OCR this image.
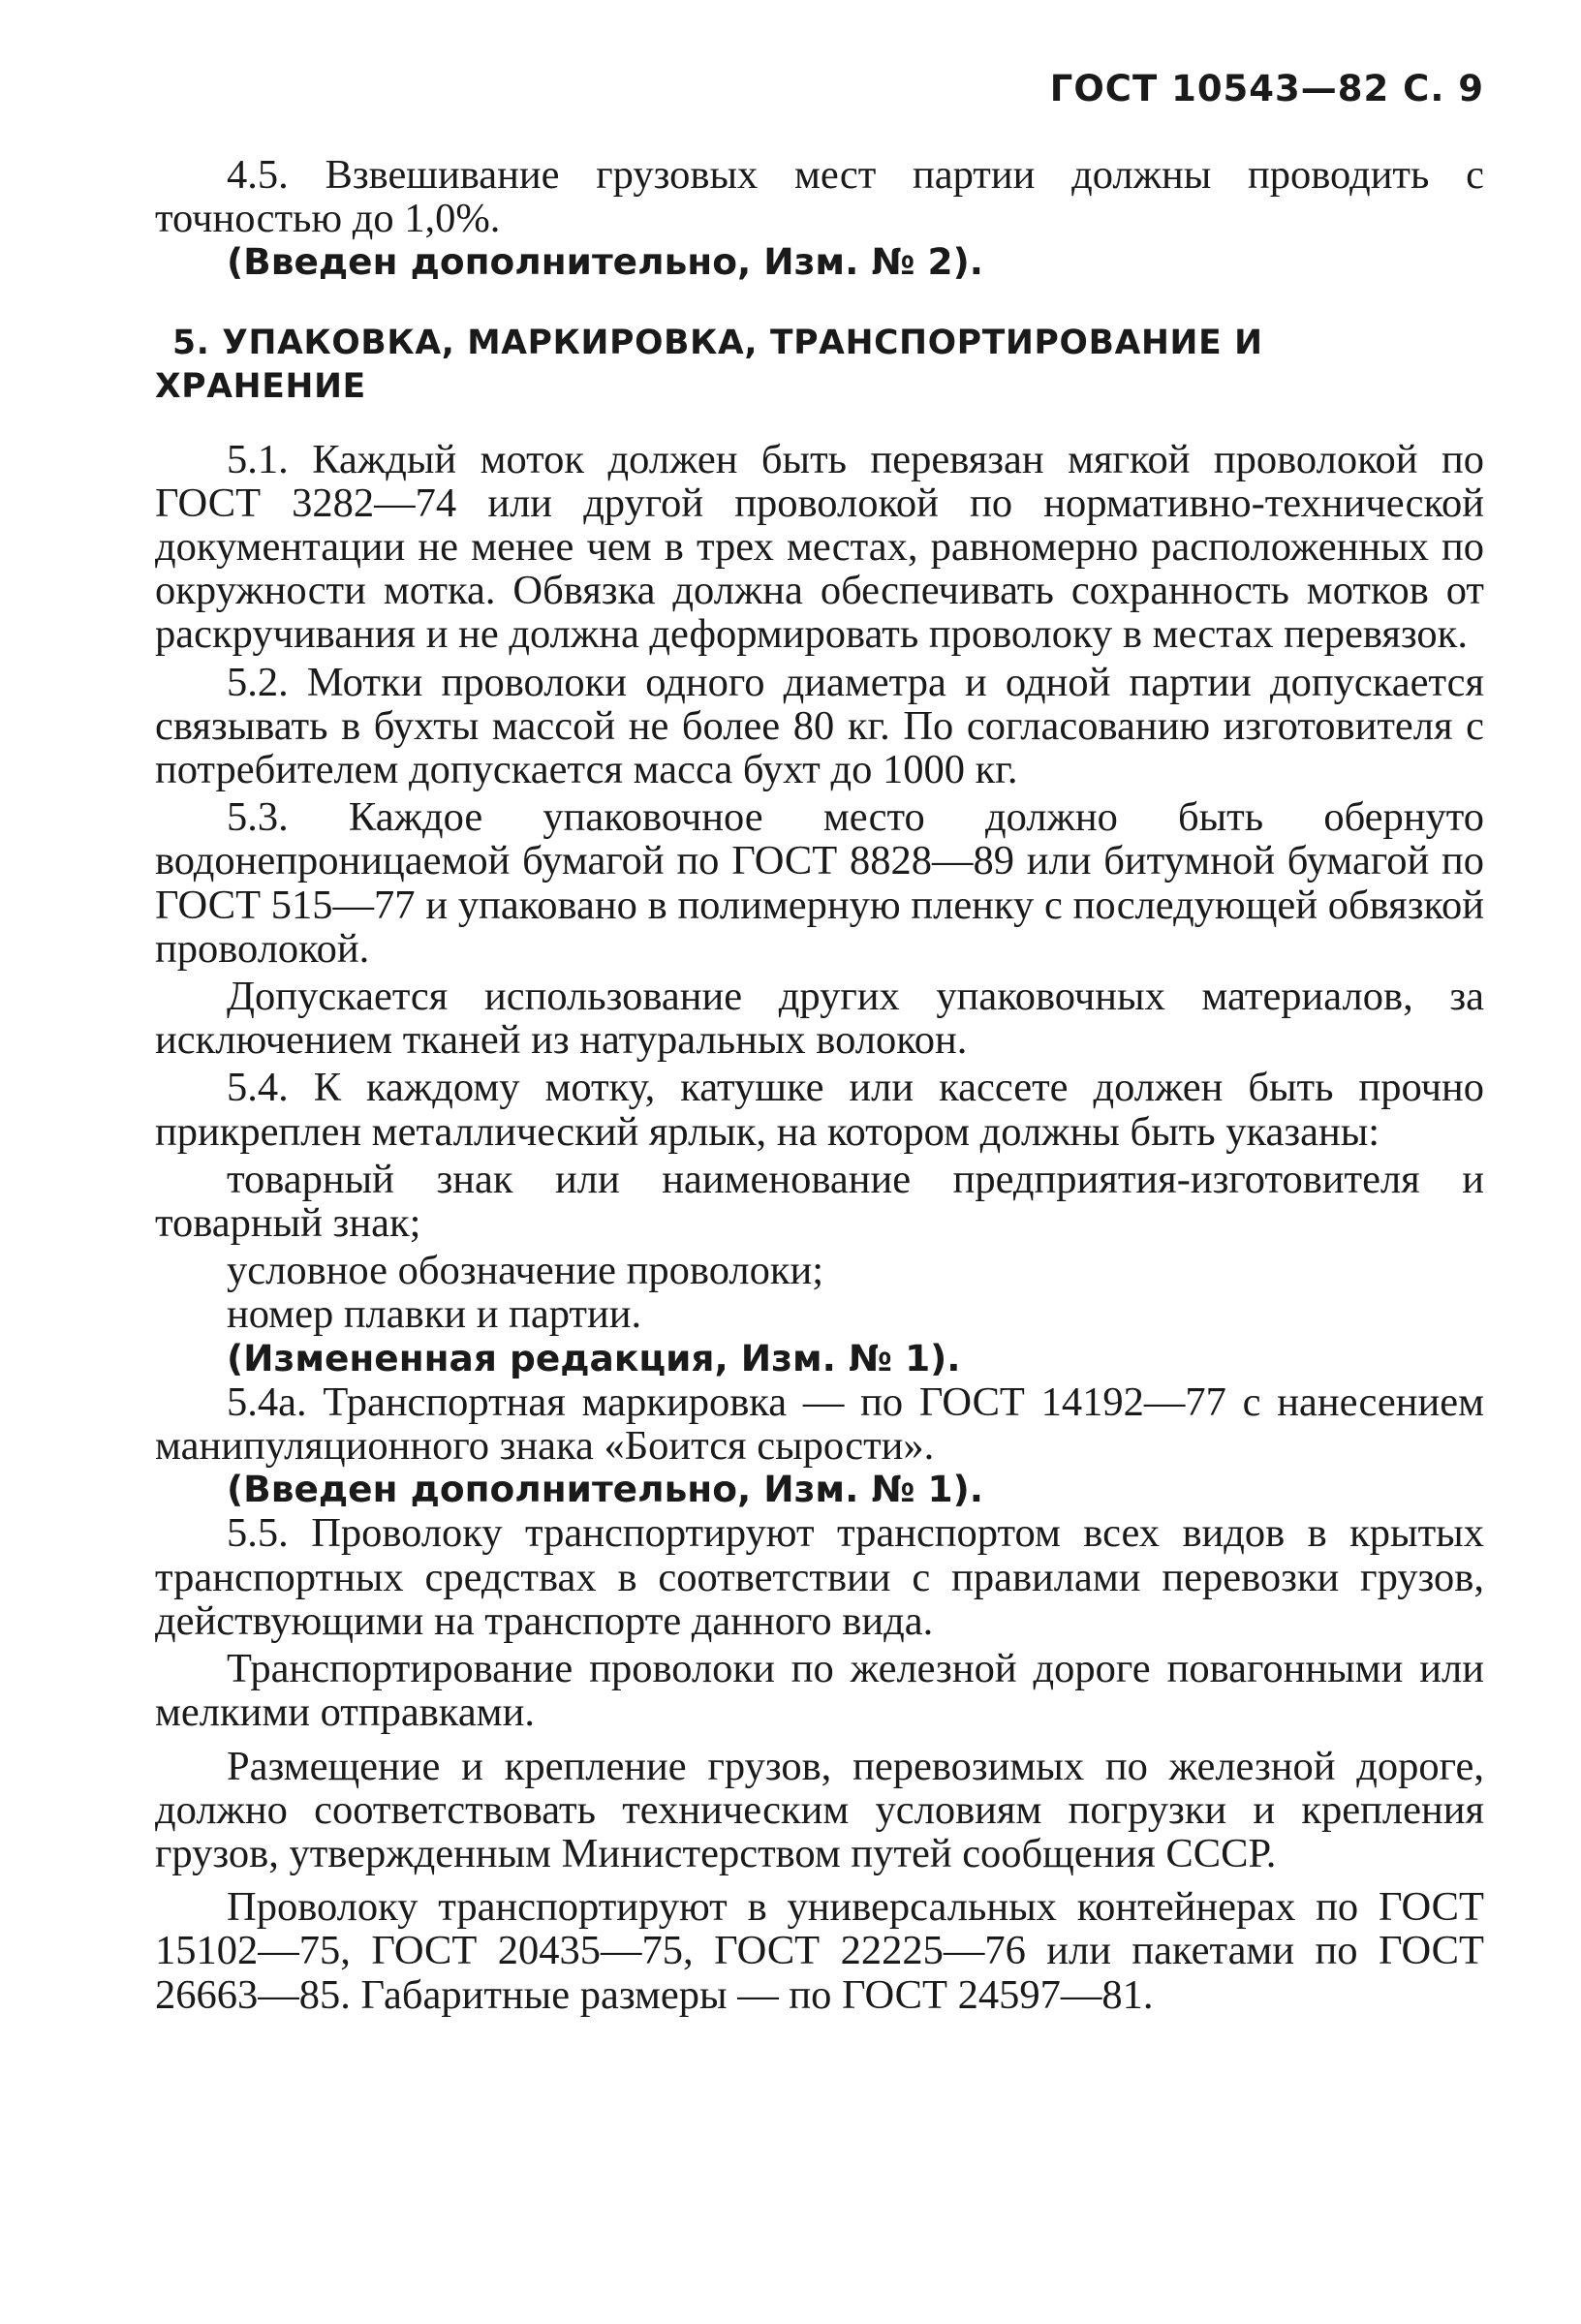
ГОСТ 10543—82 С. 9

4.5. Взвешивание грузовых мест партии должны проводить с точностью до 1,0%.

(Введен дополнительно, Изм. № 2).

5. УПАКОВКА, МАРКИРОВКА, ТРАНСПОРТИРОВАНИЕ И ХРАНЕНИЕ

5.1. Каждый моток должен быть перевязан мягкой проволокой по ГОСТ 3282—74 или другой проволокой по нормативно-технической документации не менее чем в трех местах, равномерно расположенных по окружности мотка. Обвязка должна обеспечивать сохранность мотков от раскручивания и не должна деформировать проволоку в местах перевязок.

5.2. Мотки проволоки одного диаметра и одной партии допускается связывать в бухты массой не более 80 кг. По согласованию изготовителя с потребителем допускается масса бухт до 1000 кг.

5.3. Каждое упаковочное место должно быть обернуто водонепроницаемой бумагой по ГОСТ 8828—89 или битумной бумагой по ГОСТ 515—77 и упаковано в полимерную пленку с последующей обвязкой проволокой.

Допускается использование других упаковочных материалов, за исключением тканей из натуральных волокон.

5.4. К каждому мотку, катушке или кассете должен быть прочно прикреплен металлический ярлык, на котором должны быть указаны:

товарный знак или наименование предприятия-изготовителя и товарный знак;

условное обозначение проволоки;

номер плавки и партии.

(Измененная редакция, Изм. № 1).

5.4а. Транспортная маркировка — по ГОСТ 14192—77 с нанесением манипуляционного знака «Боится сырости».

(Введен дополнительно, Изм. № 1).

5.5. Проволоку транспортируют транспортом всех видов в крытых транспортных средствах в соответствии с правилами перевозки грузов, действующими на транспорте данного вида.

Транспортирование проволоки по железной дороге повагонными или мелкими отправками.

Размещение и крепление грузов, перевозимых по железной дороге, должно соответствовать техническим условиям погрузки и крепления грузов, утвержденным Министерством путей сообщения СССР.

Проволоку транспортируют в универсальных контейнерах по ГОСТ 15102—75, ГОСТ 20435—75, ГОСТ 22225—76 или пакетами по ГОСТ 26663—85. Габаритные размеры — по ГОСТ 24597—81.
